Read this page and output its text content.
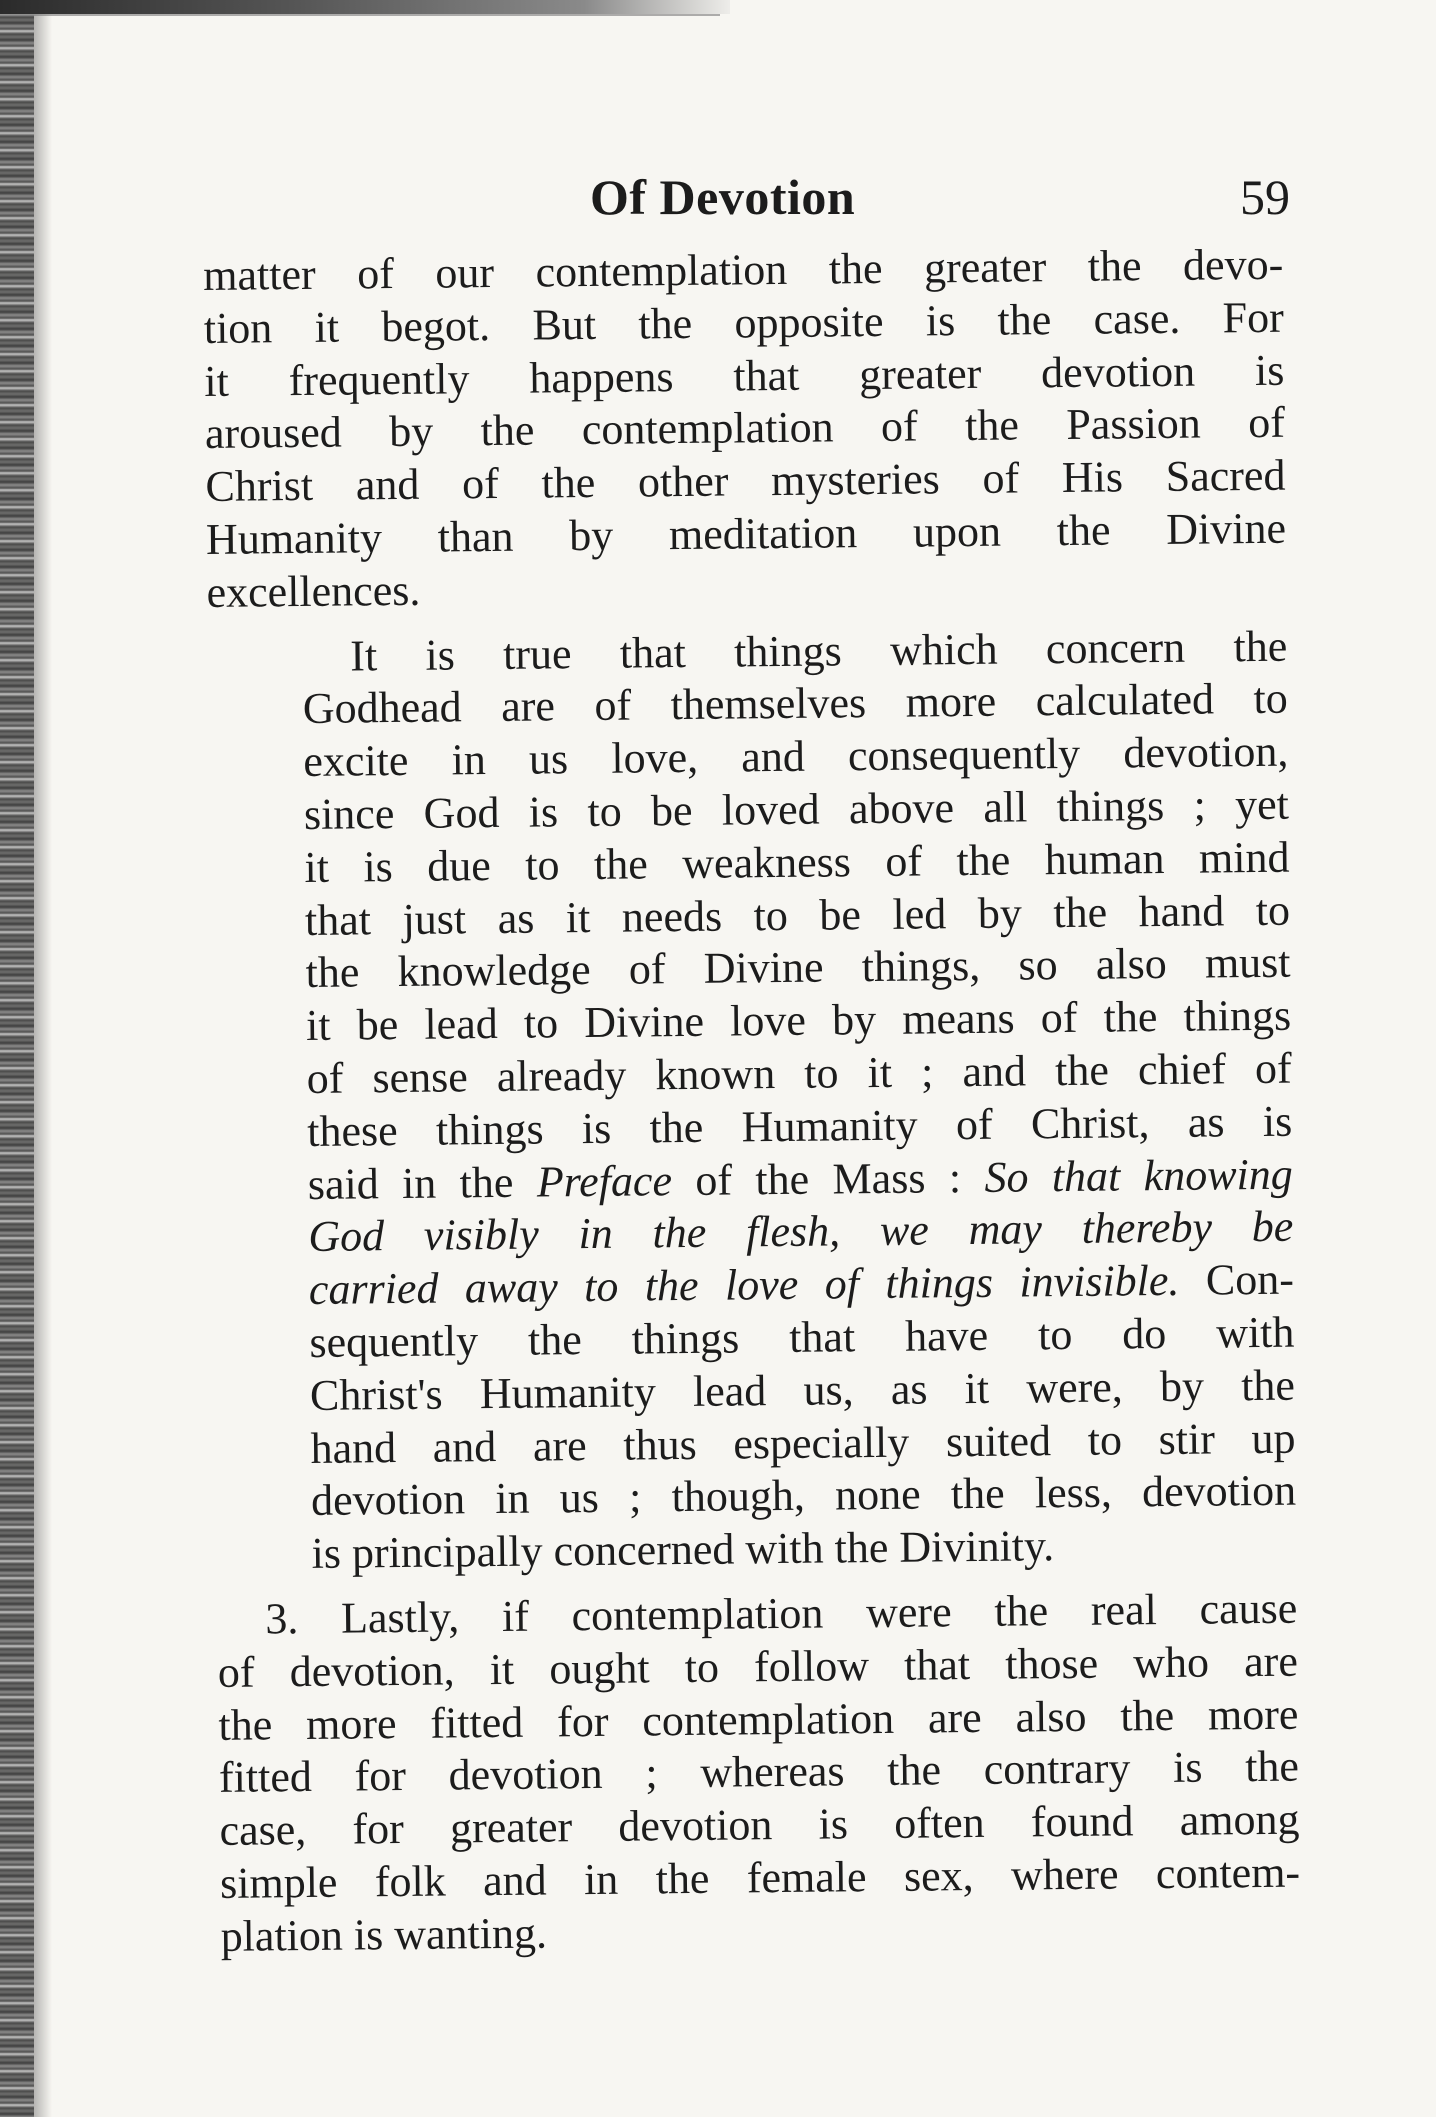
Of Devotion	59
matter of our contemplation the greater the devo-
tion it begot. But the opposite is the case. For
it frequently happens that greater devotion is
aroused by the contemplation of the Passion of
Christ and of the other mysteries of His Sacred
Humanity than by meditation upon the Divine
excellences.
It is true that things which concern the
Godhead are of themselves more calculated to
excite in us love, and consequently devotion,
since God is to be loved above all things ; yet
it is due to the weakness of the human mind
that just as it needs to be led by the hand to
the knowledge of Divine things, so also must
it be lead to Divine love by means of the things
of sense already known to it ; and the chief of
these things is the Humanity of Christ, as is
said in the Preface of the Mass : So that knowing
God visibly in the flesh, we may thereby be
carried away to the love of things invisible. Con-
sequently the things that have to do with
Christ's Humanity lead us, as it were, by the
hand and are thus especially suited to stir up
devotion in us ; though, none the less, devotion
is principally concerned with the Divinity.
3. Lastly, if contemplation were the real cause
of devotion, it ought to follow that those who are
the more fitted for contemplation are also the more
fitted for devotion ; whereas the contrary is the
case, for greater devotion is often found among
simple folk and in the female sex, where contem-
plation is wanting.
